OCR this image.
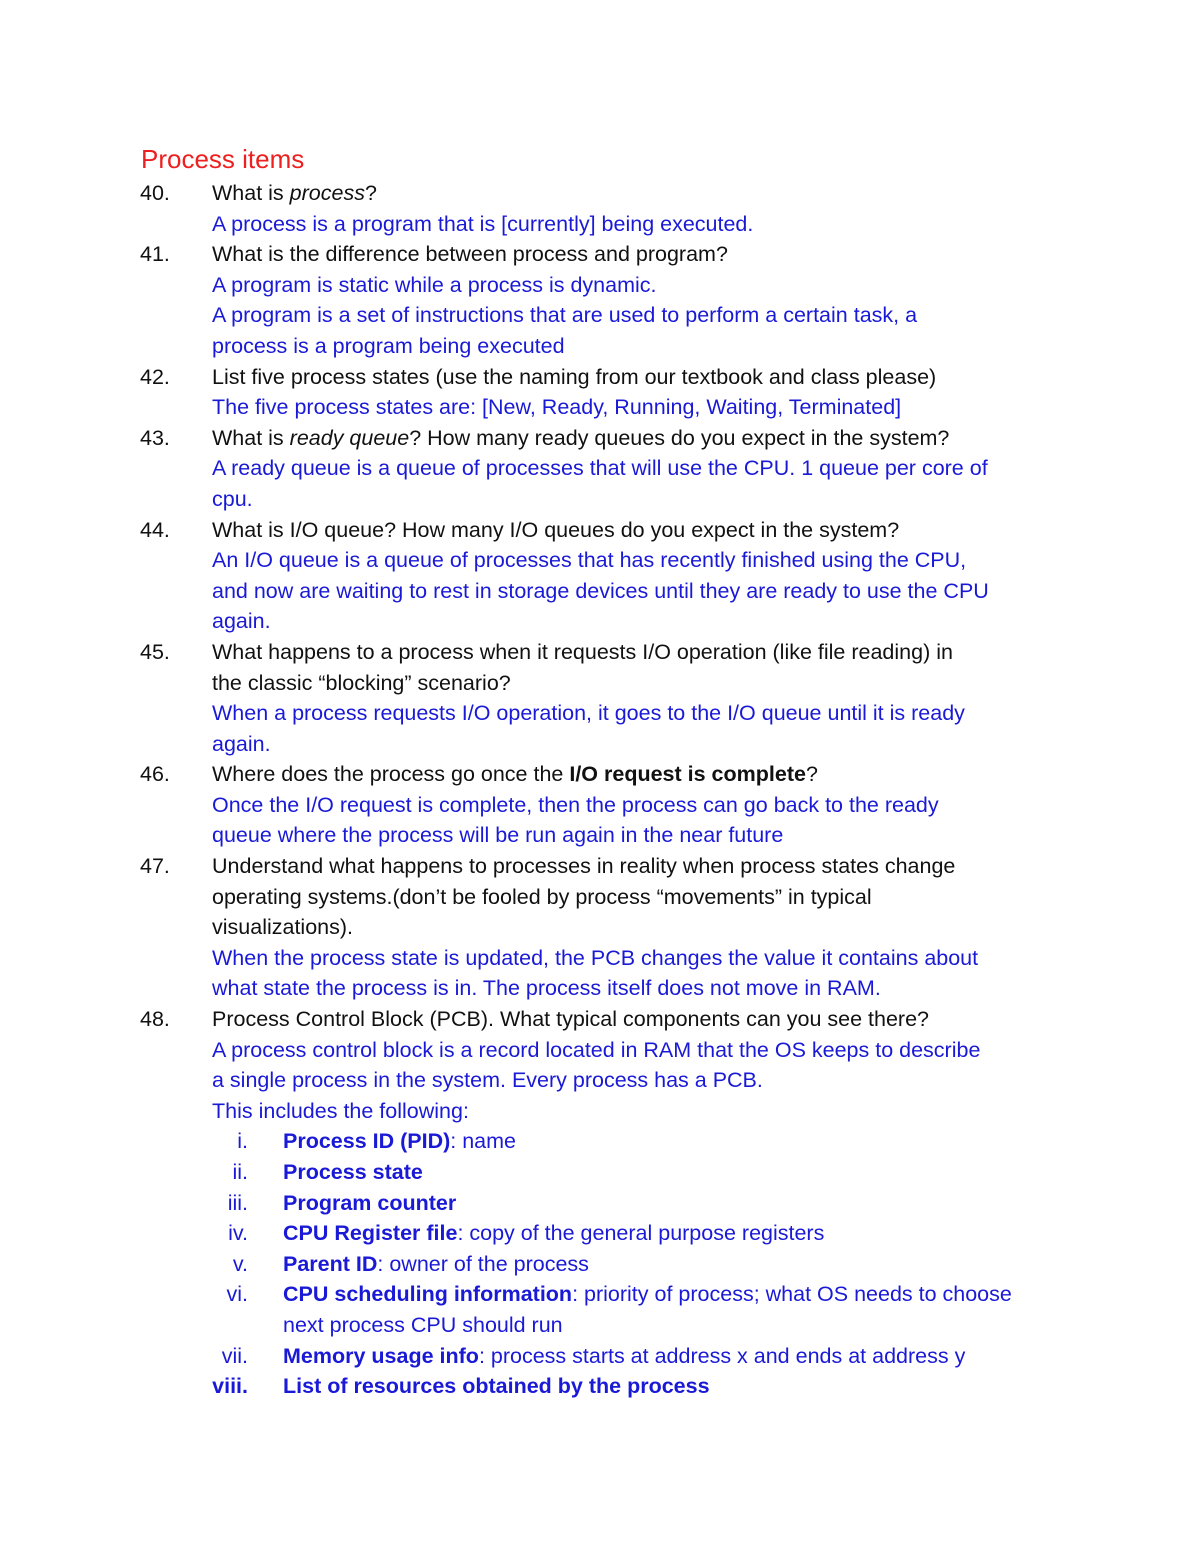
Process items
40.	What is process?
A process is a program that is [currently] being executed.
41.	What is the difference between process and program?
A program is static while a process is dynamic.
A program is a set of instructions that are used to perform a certain task, a
process is a program being executed
42.	List five process states (use the naming from our textbook and class please)
The five process states are: [New, Ready, Running, Waiting, Terminated]
43.	What is ready queue? How many ready queues do you expect in the system?
A ready queue is a queue of processes that will use the CPU. 1 queue per core of
cpu.
44.	What is I/O queue? How many I/O queues do you expect in the system?
An I/O queue is a queue of processes that has recently finished using the CPU,
and now are waiting to rest in storage devices until they are ready to use the CPU
again.
45.	What happens to a process when it requests I/O operation (like file reading) in
the classic “blocking” scenario?
When a process requests I/O operation, it goes to the I/O queue until it is ready
again.
46.	Where does the process go once the I/O request is complete?
Once the I/O request is complete, then the process can go back to the ready
queue where the process will be run again in the near future
47.	Understand what happens to processes in reality when process states change
operating systems.(don’t be fooled by process “movements” in typical
visualizations).
When the process state is updated, the PCB changes the value it contains about
what state the process is in. The process itself does not move in RAM.
48.	Process Control Block (PCB). What typical components can you see there?
A process control block is a record located in RAM that the OS keeps to describe
a single process in the system. Every process has a PCB.
This includes the following:
i. Process ID (PID): name
ii. Process state
iii. Program counter
iv. CPU Register file: copy of the general purpose registers
v. Parent ID: owner of the process
vi. CPU scheduling information: priority of process; what OS needs to choose
next process CPU should run
vii. Memory usage info: process starts at address x and ends at address y
viii. List of resources obtained by the process
